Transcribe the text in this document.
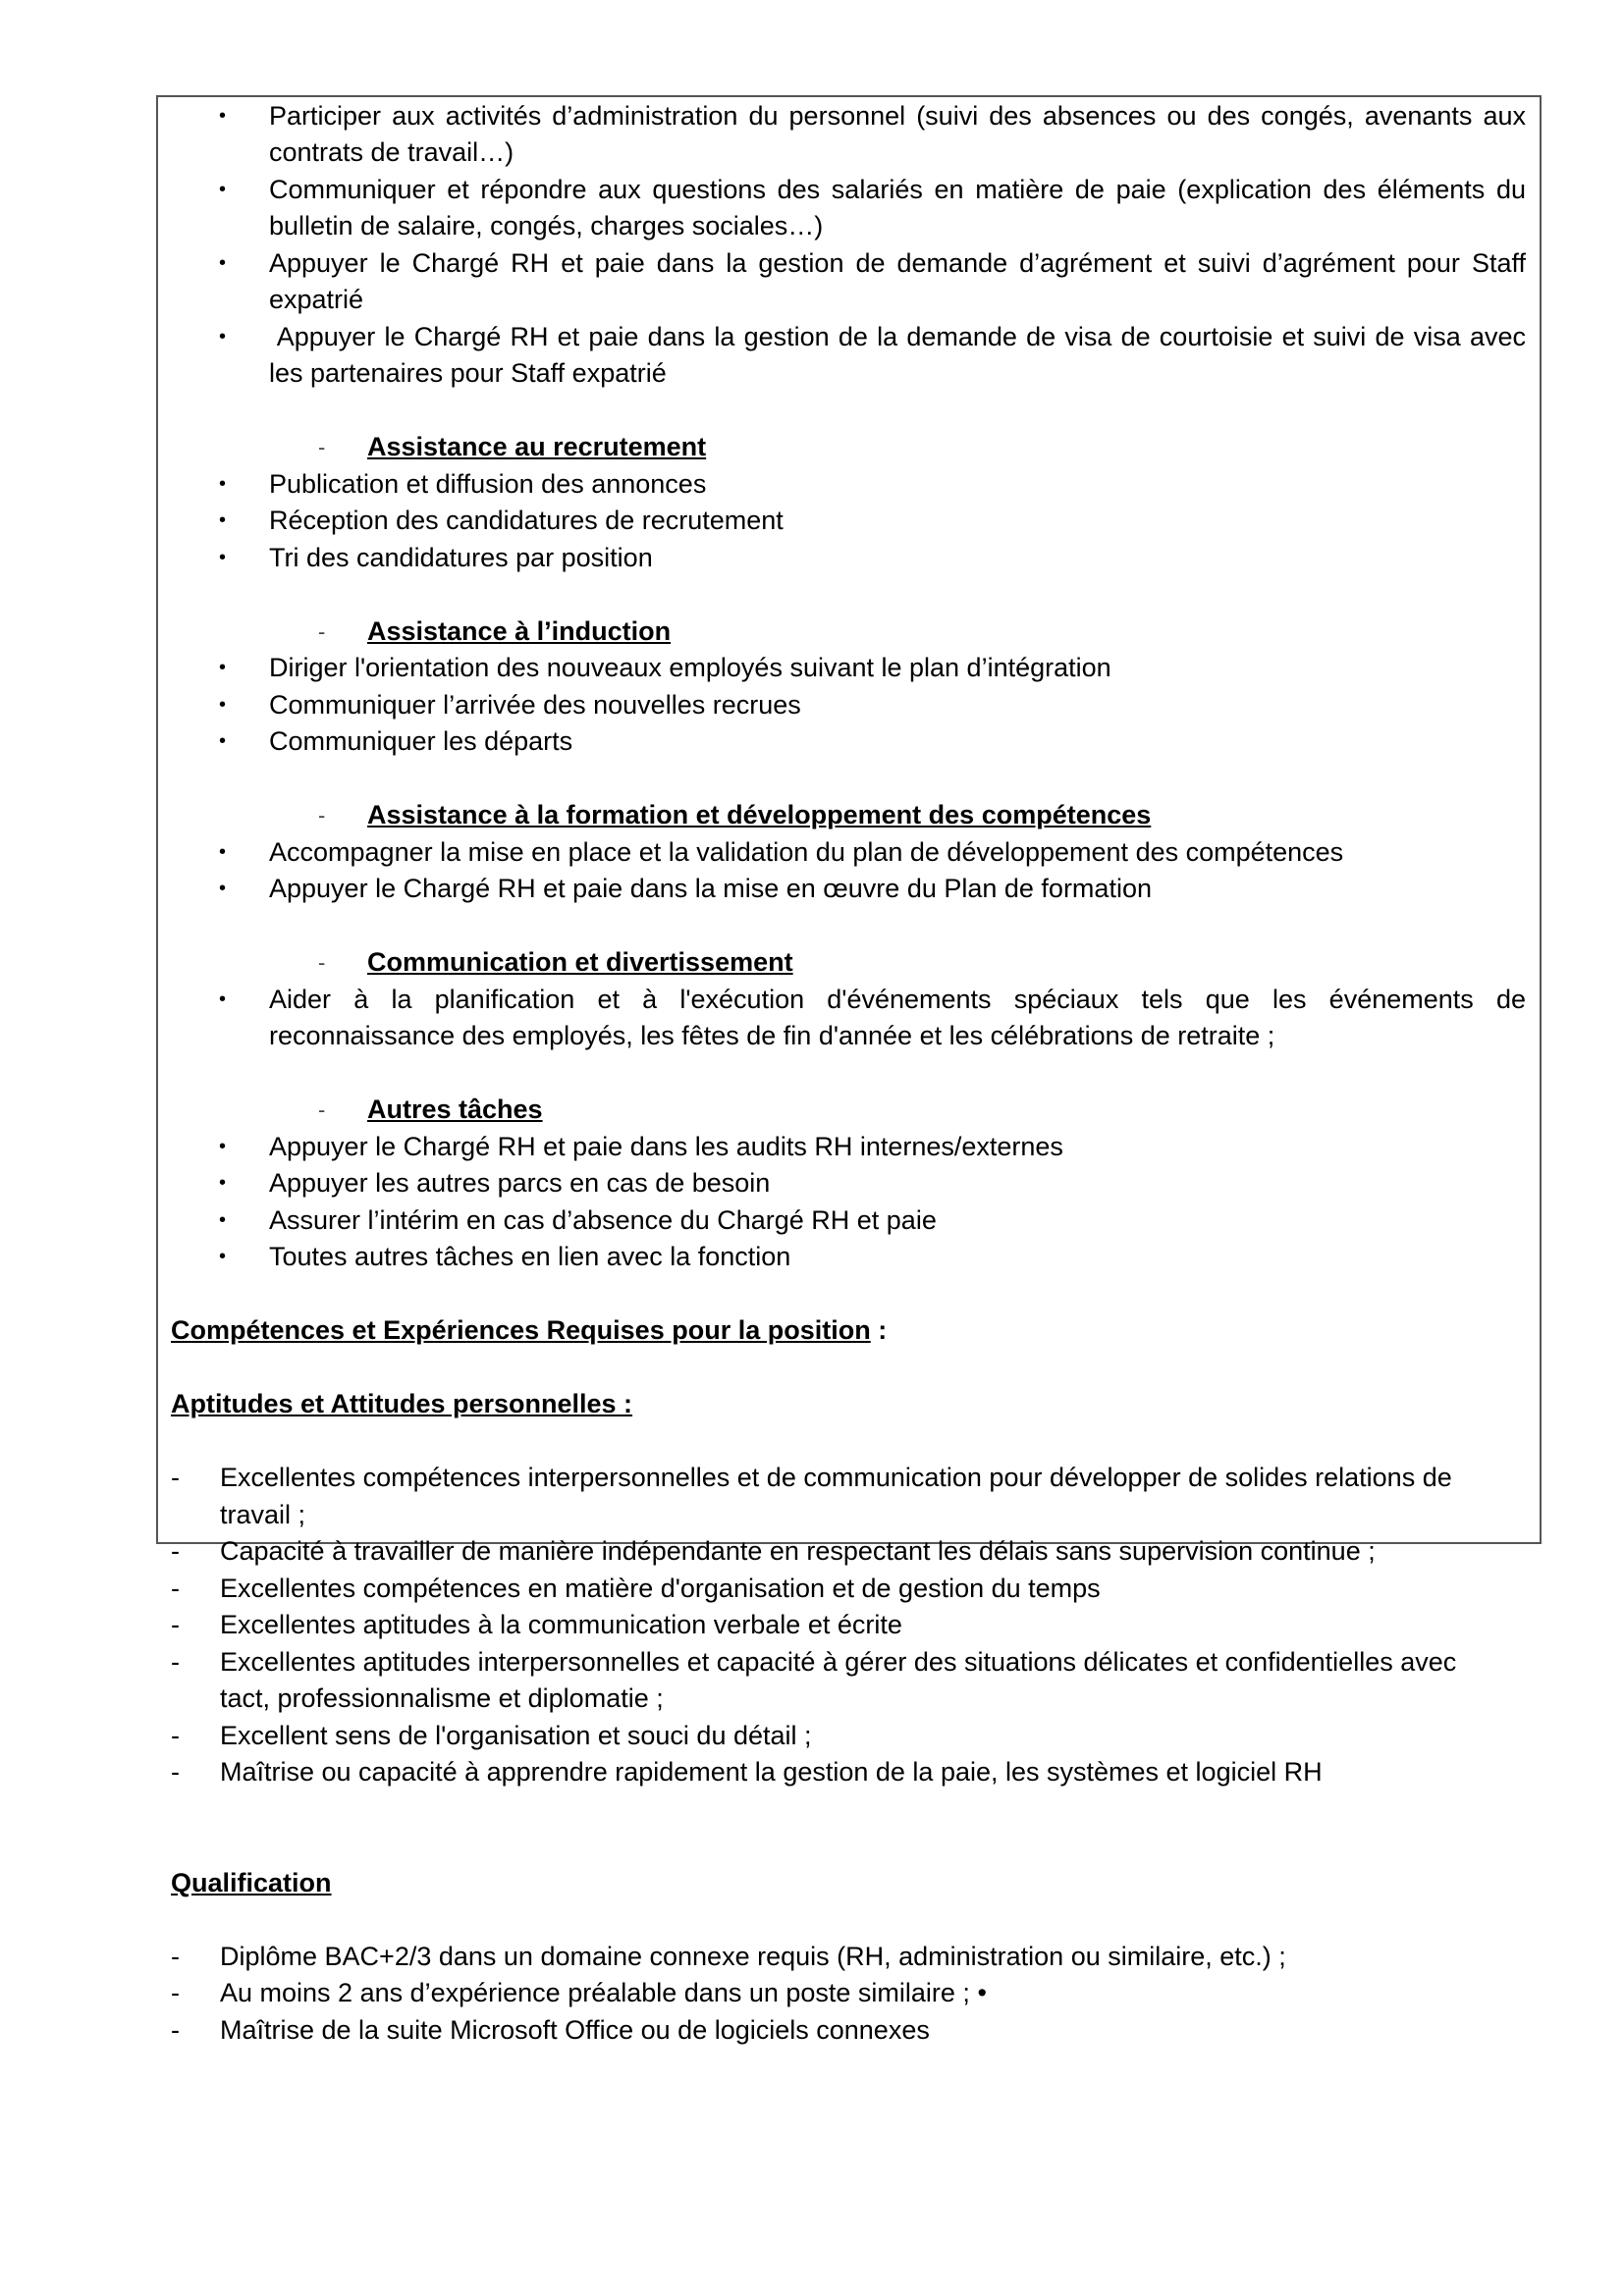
• Participer aux activités d’administration du personnel (suivi des absences ou des congés, avenants aux
contrats de travail…)
• Communiquer et répondre aux questions des salariés en matière de paie (explication des éléments du
bulletin de salaire, congés, charges sociales…)
• Appuyer le Chargé RH et paie dans la gestion de demande d’agrément et suivi d’agrément pour Staff
expatrié
• Appuyer le Chargé RH et paie dans la gestion de la demande de visa de courtoisie et suivi de visa avec
les partenaires pour Staff expatrié
- Assistance au recrutement
• Publication et diffusion des annonces
• Réception des candidatures de recrutement
• Tri des candidatures par position
- Assistance à l’induction
• Diriger l'orientation des nouveaux employés suivant le plan d’intégration
• Communiquer l’arrivée des nouvelles recrues
• Communiquer les départs
- Assistance à la formation et développement des compétences
• Accompagner la mise en place et la validation du plan de développement des compétences
• Appuyer le Chargé RH et paie dans la mise en œuvre du Plan de formation
- Communication et divertissement
• Aider à la planification et à l'exécution d'événements spéciaux tels que les événements de
reconnaissance des employés, les fêtes de fin d'année et les célébrations de retraite ;
- Autres tâches
• Appuyer le Chargé RH et paie dans les audits RH internes/externes
• Appuyer les autres parcs en cas de besoin
• Assurer l’intérim en cas d’absence du Chargé RH et paie
• Toutes autres tâches en lien avec la fonction
Compétences et Expériences Requises pour la position :
Aptitudes et Attitudes personnelles :
- Excellentes compétences interpersonnelles et de communication pour développer de solides relations de
travail ;
- Capacité à travailler de manière indépendante en respectant les délais sans supervision continue ;
- Excellentes compétences en matière d'organisation et de gestion du temps
- Excellentes aptitudes à la communication verbale et écrite
- Excellentes aptitudes interpersonnelles et capacité à gérer des situations délicates et confidentielles avec
tact, professionnalisme et diplomatie ;
- Excellent sens de l'organisation et souci du détail ;
- Maîtrise ou capacité à apprendre rapidement la gestion de la paie, les systèmes et logiciel RH
Qualification
- Diplôme BAC+2/3 dans un domaine connexe requis (RH, administration ou similaire, etc.) ;
- Au moins 2 ans d’expérience préalable dans un poste similaire ; •
- Maîtrise de la suite Microsoft Office ou de logiciels connexes
